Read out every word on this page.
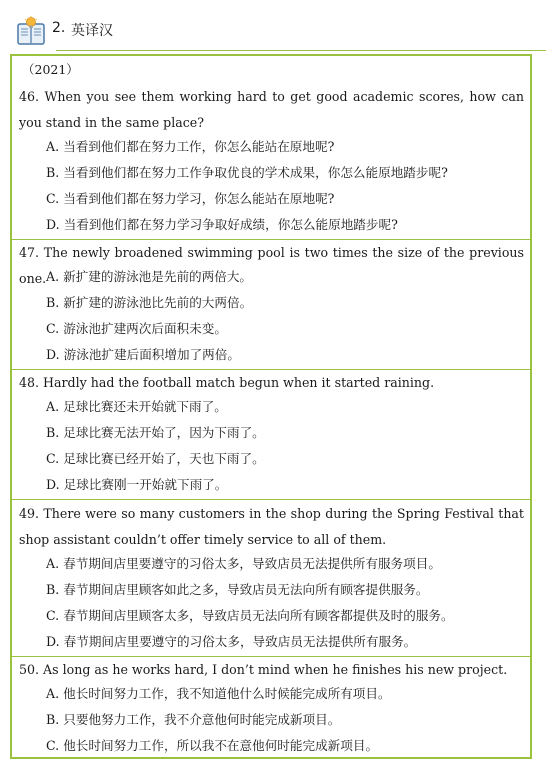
2. 英译汉
（2021）
46. When you see them working hard to get good academic scores, how can you stand in the same place?
A. 当看到他们都在努力工作，你怎么能站在原地呢?
B. 当看到他们都在努力工作争取优良的学术成果，你怎么能原地踏步呢?
C. 当看到他们都在努力学习，你怎么能站在原地呢?
D. 当看到他们都在努力学习争取好成绩，你怎么能原地踏步呢?
47. The newly broadened swimming pool is two times the size of the previous one. A. 新扩建的游泳池是先前的两倍大。
B. 新扩建的游泳池比先前的大两倍。
C. 游泳池扩建两次后面积未变。
D. 游泳池扩建后面积增加了两倍。
48. Hardly had the football match begun when it started raining.
A. 足球比赛还未开始就下雨了。
B. 足球比赛无法开始了，因为下雨了。
C. 足球比赛已经开始了，天也下雨了。
D. 足球比赛刚一开始就下雨了。
49. There were so many customers in the shop during the Spring Festival that shop assistant couldn’t offer timely service to all of them.
A. 春节期间店里要遵守的习俗太多，导致店员无法提供所有服务项目。
B. 春节期间店里顾客如此之多，导致店员无法向所有顾客提供服务。
C. 春节期间店里顾客太多，导致店员无法向所有顾客都提供及时的服务。
D. 春节期间店里要遵守的习俗太多，导致店员无法提供所有服务。
50. As long as he works hard, I don’t mind when he finishes his new project.
A. 他长时间努力工作，我不知道他什么时候能完成所有项目。
B. 只要他努力工作，我不介意他何时能完成新项目。
C. 他长时间努力工作，所以我不在意他何时能完成新项目。
